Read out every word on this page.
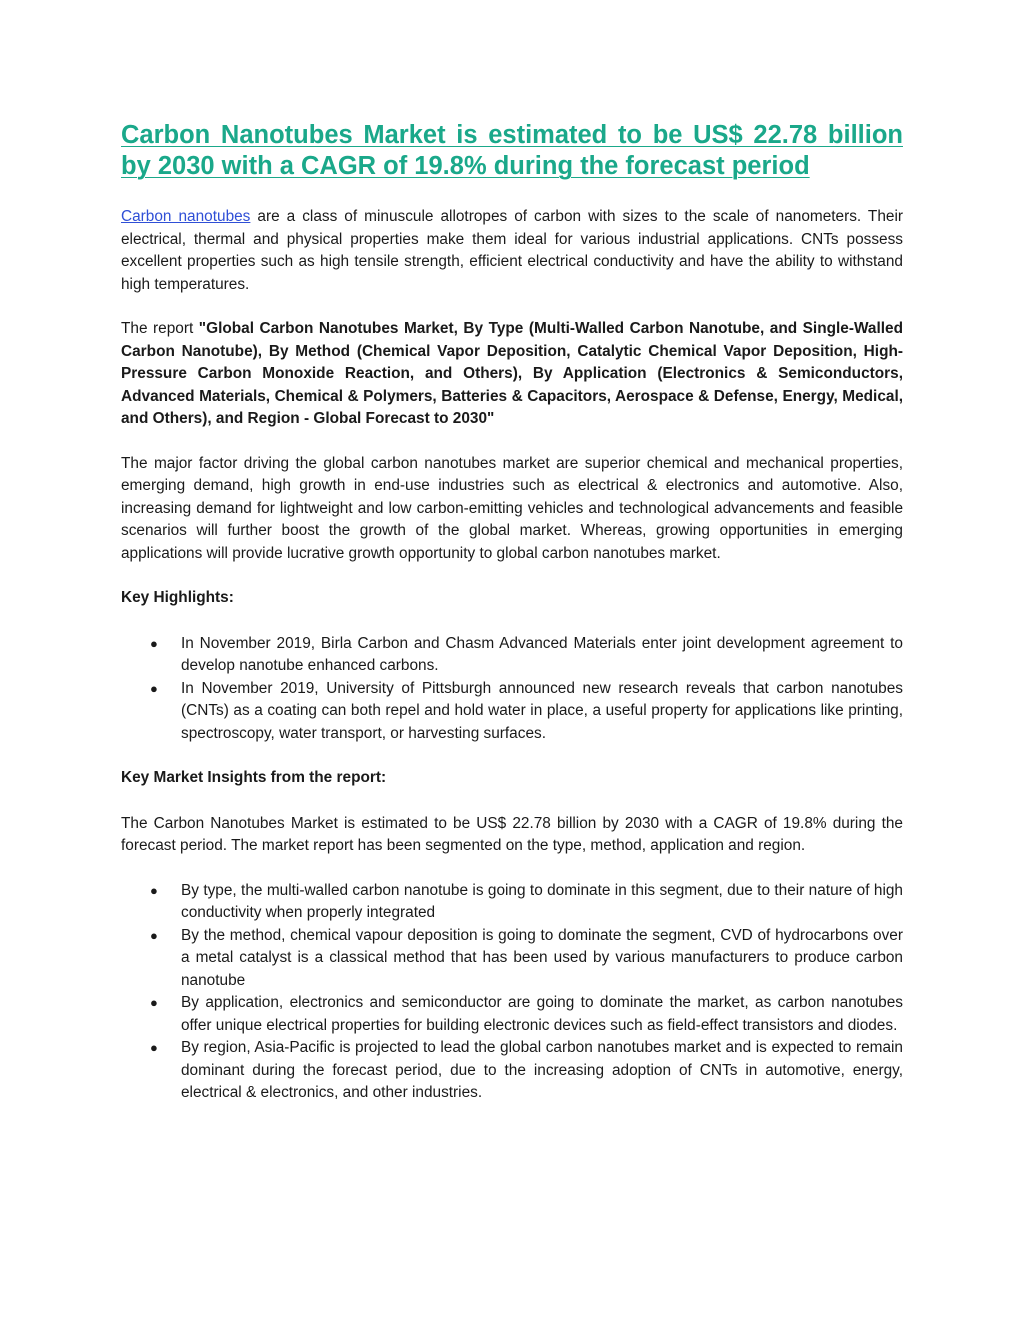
Carbon Nanotubes Market is estimated to be US$ 22.78 billion by 2030 with a CAGR of 19.8% during the forecast period

Carbon nanotubes are a class of minuscule allotropes of carbon with sizes to the scale of nanometers. Their electrical, thermal and physical properties make them ideal for various industrial applications. CNTs possess excellent properties such as high tensile strength, efficient electrical conductivity and have the ability to withstand high temperatures.

The report "Global Carbon Nanotubes Market, By Type (Multi-Walled Carbon Nanotube, and Single-Walled Carbon Nanotube), By Method (Chemical Vapor Deposition, Catalytic Chemical Vapor Deposition, High-Pressure Carbon Monoxide Reaction, and Others), By Application (Electronics & Semiconductors, Advanced Materials, Chemical & Polymers, Batteries & Capacitors, Aerospace & Defense, Energy, Medical, and Others), and Region - Global Forecast to 2030"

The major factor driving the global carbon nanotubes market are superior chemical and mechanical properties, emerging demand, high growth in end-use industries such as electrical & electronics and automotive. Also, increasing demand for lightweight and low carbon-emitting vehicles and technological advancements and feasible scenarios will further boost the growth of the global market. Whereas, growing opportunities in emerging applications will provide lucrative growth opportunity to global carbon nanotubes market.

Key Highlights:
● In November 2019, Birla Carbon and Chasm Advanced Materials enter joint development agreement to develop nanotube enhanced carbons.
● In November 2019, University of Pittsburgh announced new research reveals that carbon nanotubes (CNTs) as a coating can both repel and hold water in place, a useful property for applications like printing, spectroscopy, water transport, or harvesting surfaces.
Key Market Insights from the report:

The Carbon Nanotubes Market is estimated to be US$ 22.78 billion by 2030 with a CAGR of 19.8% during the forecast period. The market report has been segmented on the type, method, application and region.

● By type, the multi-walled carbon nanotube is going to dominate in this segment, due to their nature of high conductivity when properly integrated
● By the method, chemical vapour deposition is going to dominate the segment, CVD of hydrocarbons over a metal catalyst is a classical method that has been used by various manufacturers to produce carbon nanotube
● By application, electronics and semiconductor are going to dominate the market, as carbon nanotubes offer unique electrical properties for building electronic devices such as field-effect transistors and diodes.
● By region, Asia-Pacific is projected to lead the global carbon nanotubes market and is expected to remain dominant during the forecast period, due to the increasing adoption of CNTs in automotive, energy, electrical & electronics, and other industries.
